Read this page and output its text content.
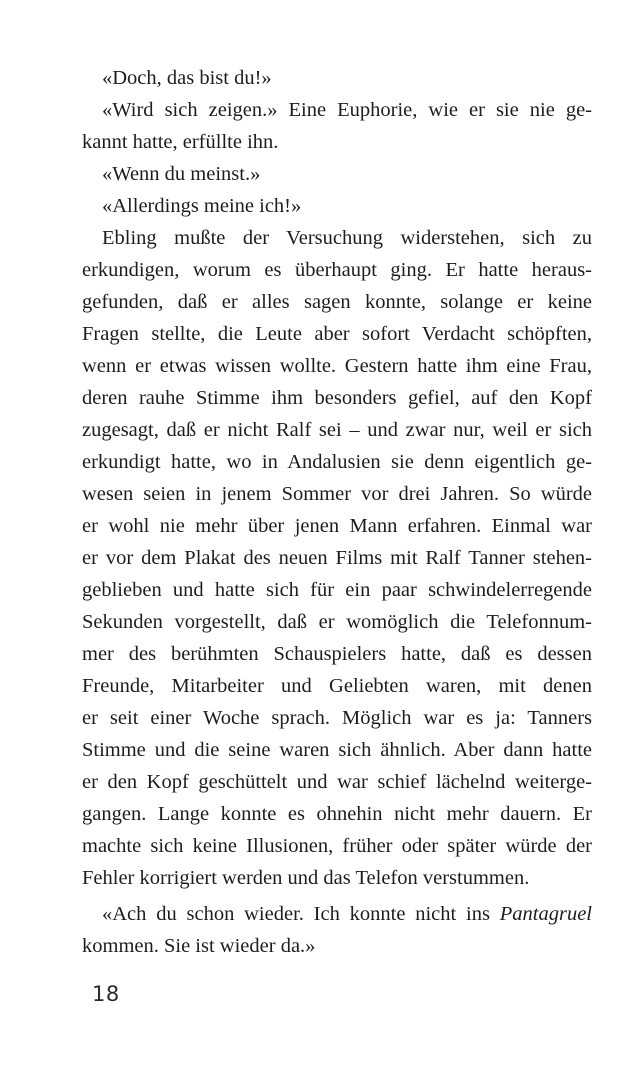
«Doch, das bist du!»
«Wird sich zeigen.» Eine Euphorie, wie er sie nie ge-
kannt hatte, erfüllte ihn.
«Wenn du meinst.»
«Allerdings meine ich!»
Ebling mußte der Versuchung widerstehen, sich zu
erkundigen, worum es überhaupt ging. Er hatte heraus-
gefunden, daß er alles sagen konnte, solange er keine
Fragen stellte, die Leute aber sofort Verdacht schöpften,
wenn er etwas wissen wollte. Gestern hatte ihm eine Frau,
deren rauhe Stimme ihm besonders gefiel, auf den Kopf
zugesagt, daß er nicht Ralf sei – und zwar nur, weil er sich
erkundigt hatte, wo in Andalusien sie denn eigentlich ge-
wesen seien in jenem Sommer vor drei Jahren. So würde
er wohl nie mehr über jenen Mann erfahren. Einmal war
er vor dem Plakat des neuen Films mit Ralf Tanner stehen-
geblieben und hatte sich für ein paar schwindelerregende
Sekunden vorgestellt, daß er womöglich die Telefonnum-
mer des berühmten Schauspielers hatte, daß es dessen
Freunde, Mitarbeiter und Geliebten waren, mit denen
er seit einer Woche sprach. Möglich war es ja: Tanners
Stimme und die seine waren sich ähnlich. Aber dann hatte
er den Kopf geschüttelt und war schief lächelnd weiterge-
gangen. Lange konnte es ohnehin nicht mehr dauern. Er
machte sich keine Illusionen, früher oder später würde der
Fehler korrigiert werden und das Telefon verstummen.
«Ach du schon wieder. Ich konnte nicht ins Pantagruel
kommen. Sie ist wieder da.»
18
